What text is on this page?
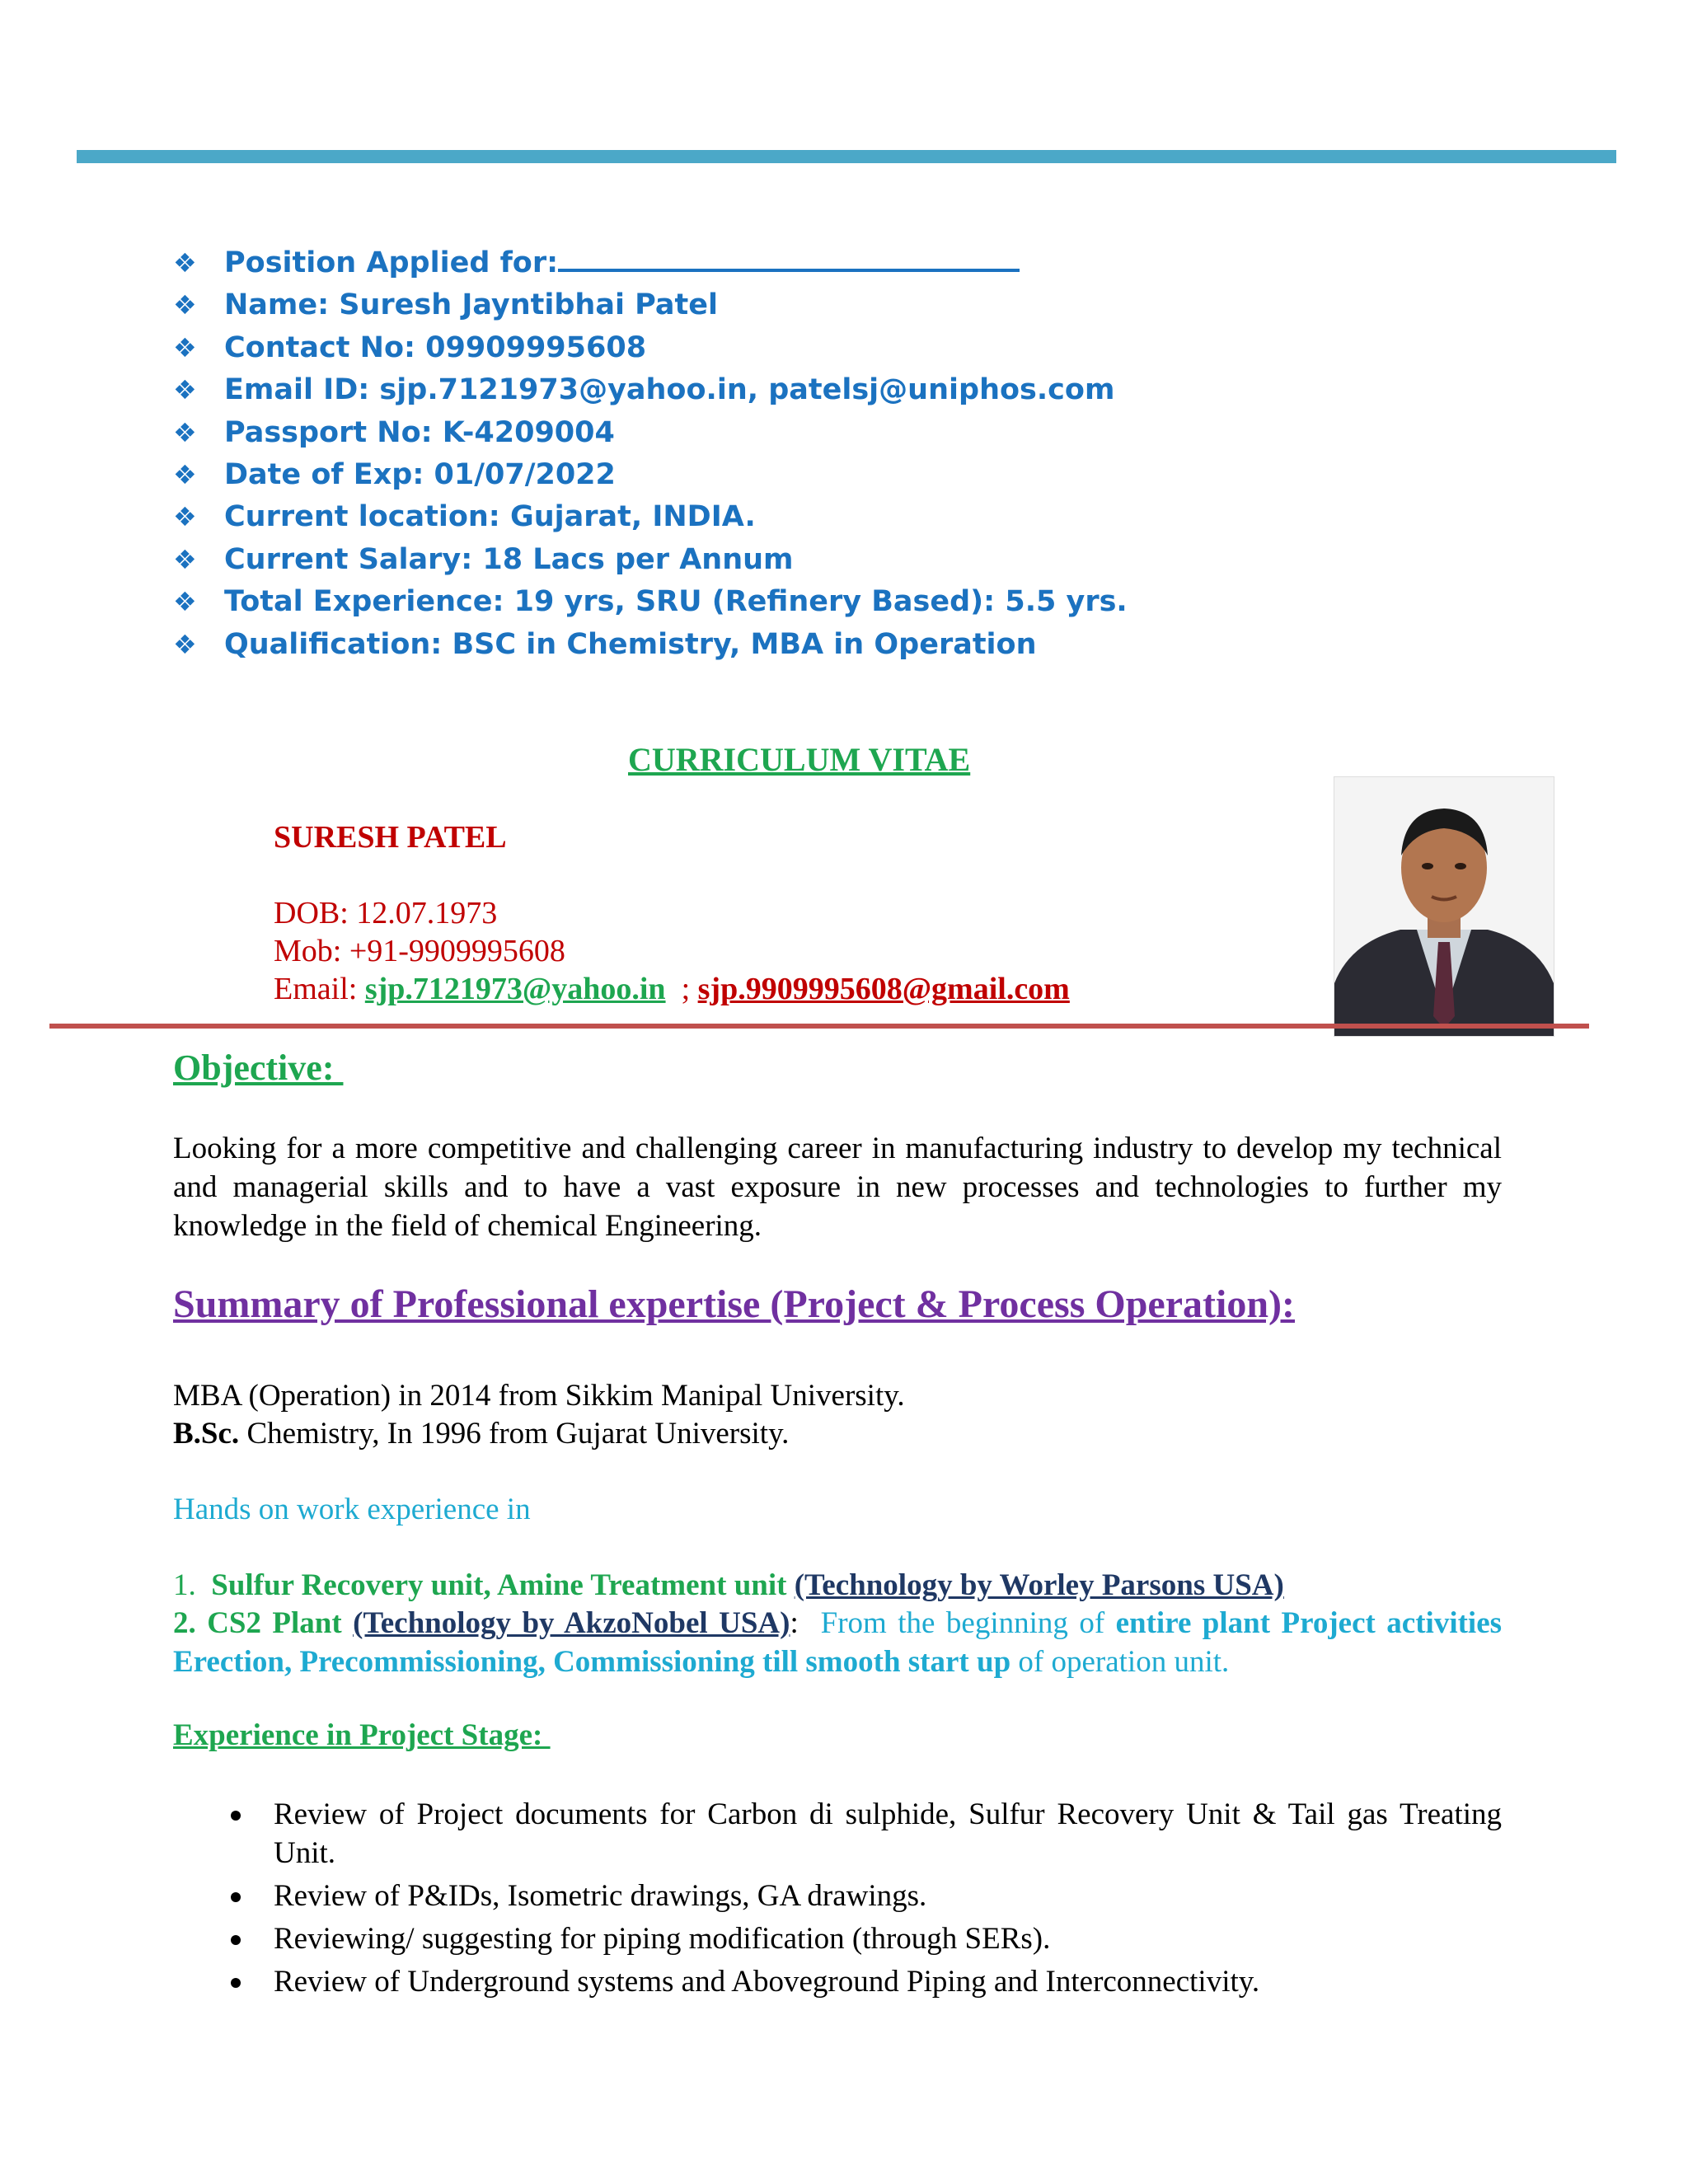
❖ Position Applied for:
❖ Name: Suresh Jayntibhai Patel
❖ Contact No: 09909995608
❖ Email ID: sjp.7121973@yahoo.in, patelsj@uniphos.com
❖ Passport No: K-4209004
❖ Date of Exp: 01/07/2022
❖ Current location: Gujarat, INDIA.
❖ Current Salary: 18 Lacs per Annum
❖ Total Experience: 19 yrs, SRU (Refinery Based): 5.5 yrs.
❖ Qualification: BSC in Chemistry, MBA in Operation
CURRICULUM VITAE
SURESH PATEL
DOB: 12.07.1973
Mob: +91-9909995608
Email: sjp.7121973@yahoo.in  ; sjp.9909995608@gmail.com
Objective:
Looking for a more competitive and challenging career in manufacturing industry to develop my technical and managerial skills and to have a vast exposure in new processes and technologies to further my knowledge in the field of chemical Engineering.
Summary of Professional expertise (Project & Process Operation):
MBA (Operation) in 2014 from Sikkim Manipal University.
B.Sc. Chemistry, In 1996 from Gujarat University.
Hands on work experience in
1.  Sulfur Recovery unit, Amine Treatment unit (Technology by Worley Parsons USA)
2. CS2 Plant (Technology by AkzoNobel USA):  From the beginning of entire plant Project activities Erection, Precommissioning, Commissioning till smooth start up of operation unit.
Experience in Project Stage:
Review of Project documents for Carbon di sulphide, Sulfur Recovery Unit & Tail gas Treating Unit.
Review of P&IDs, Isometric drawings, GA drawings.
Reviewing/ suggesting for piping modification (through SERs).
Review of Underground systems and Aboveground Piping and Interconnectivity.
